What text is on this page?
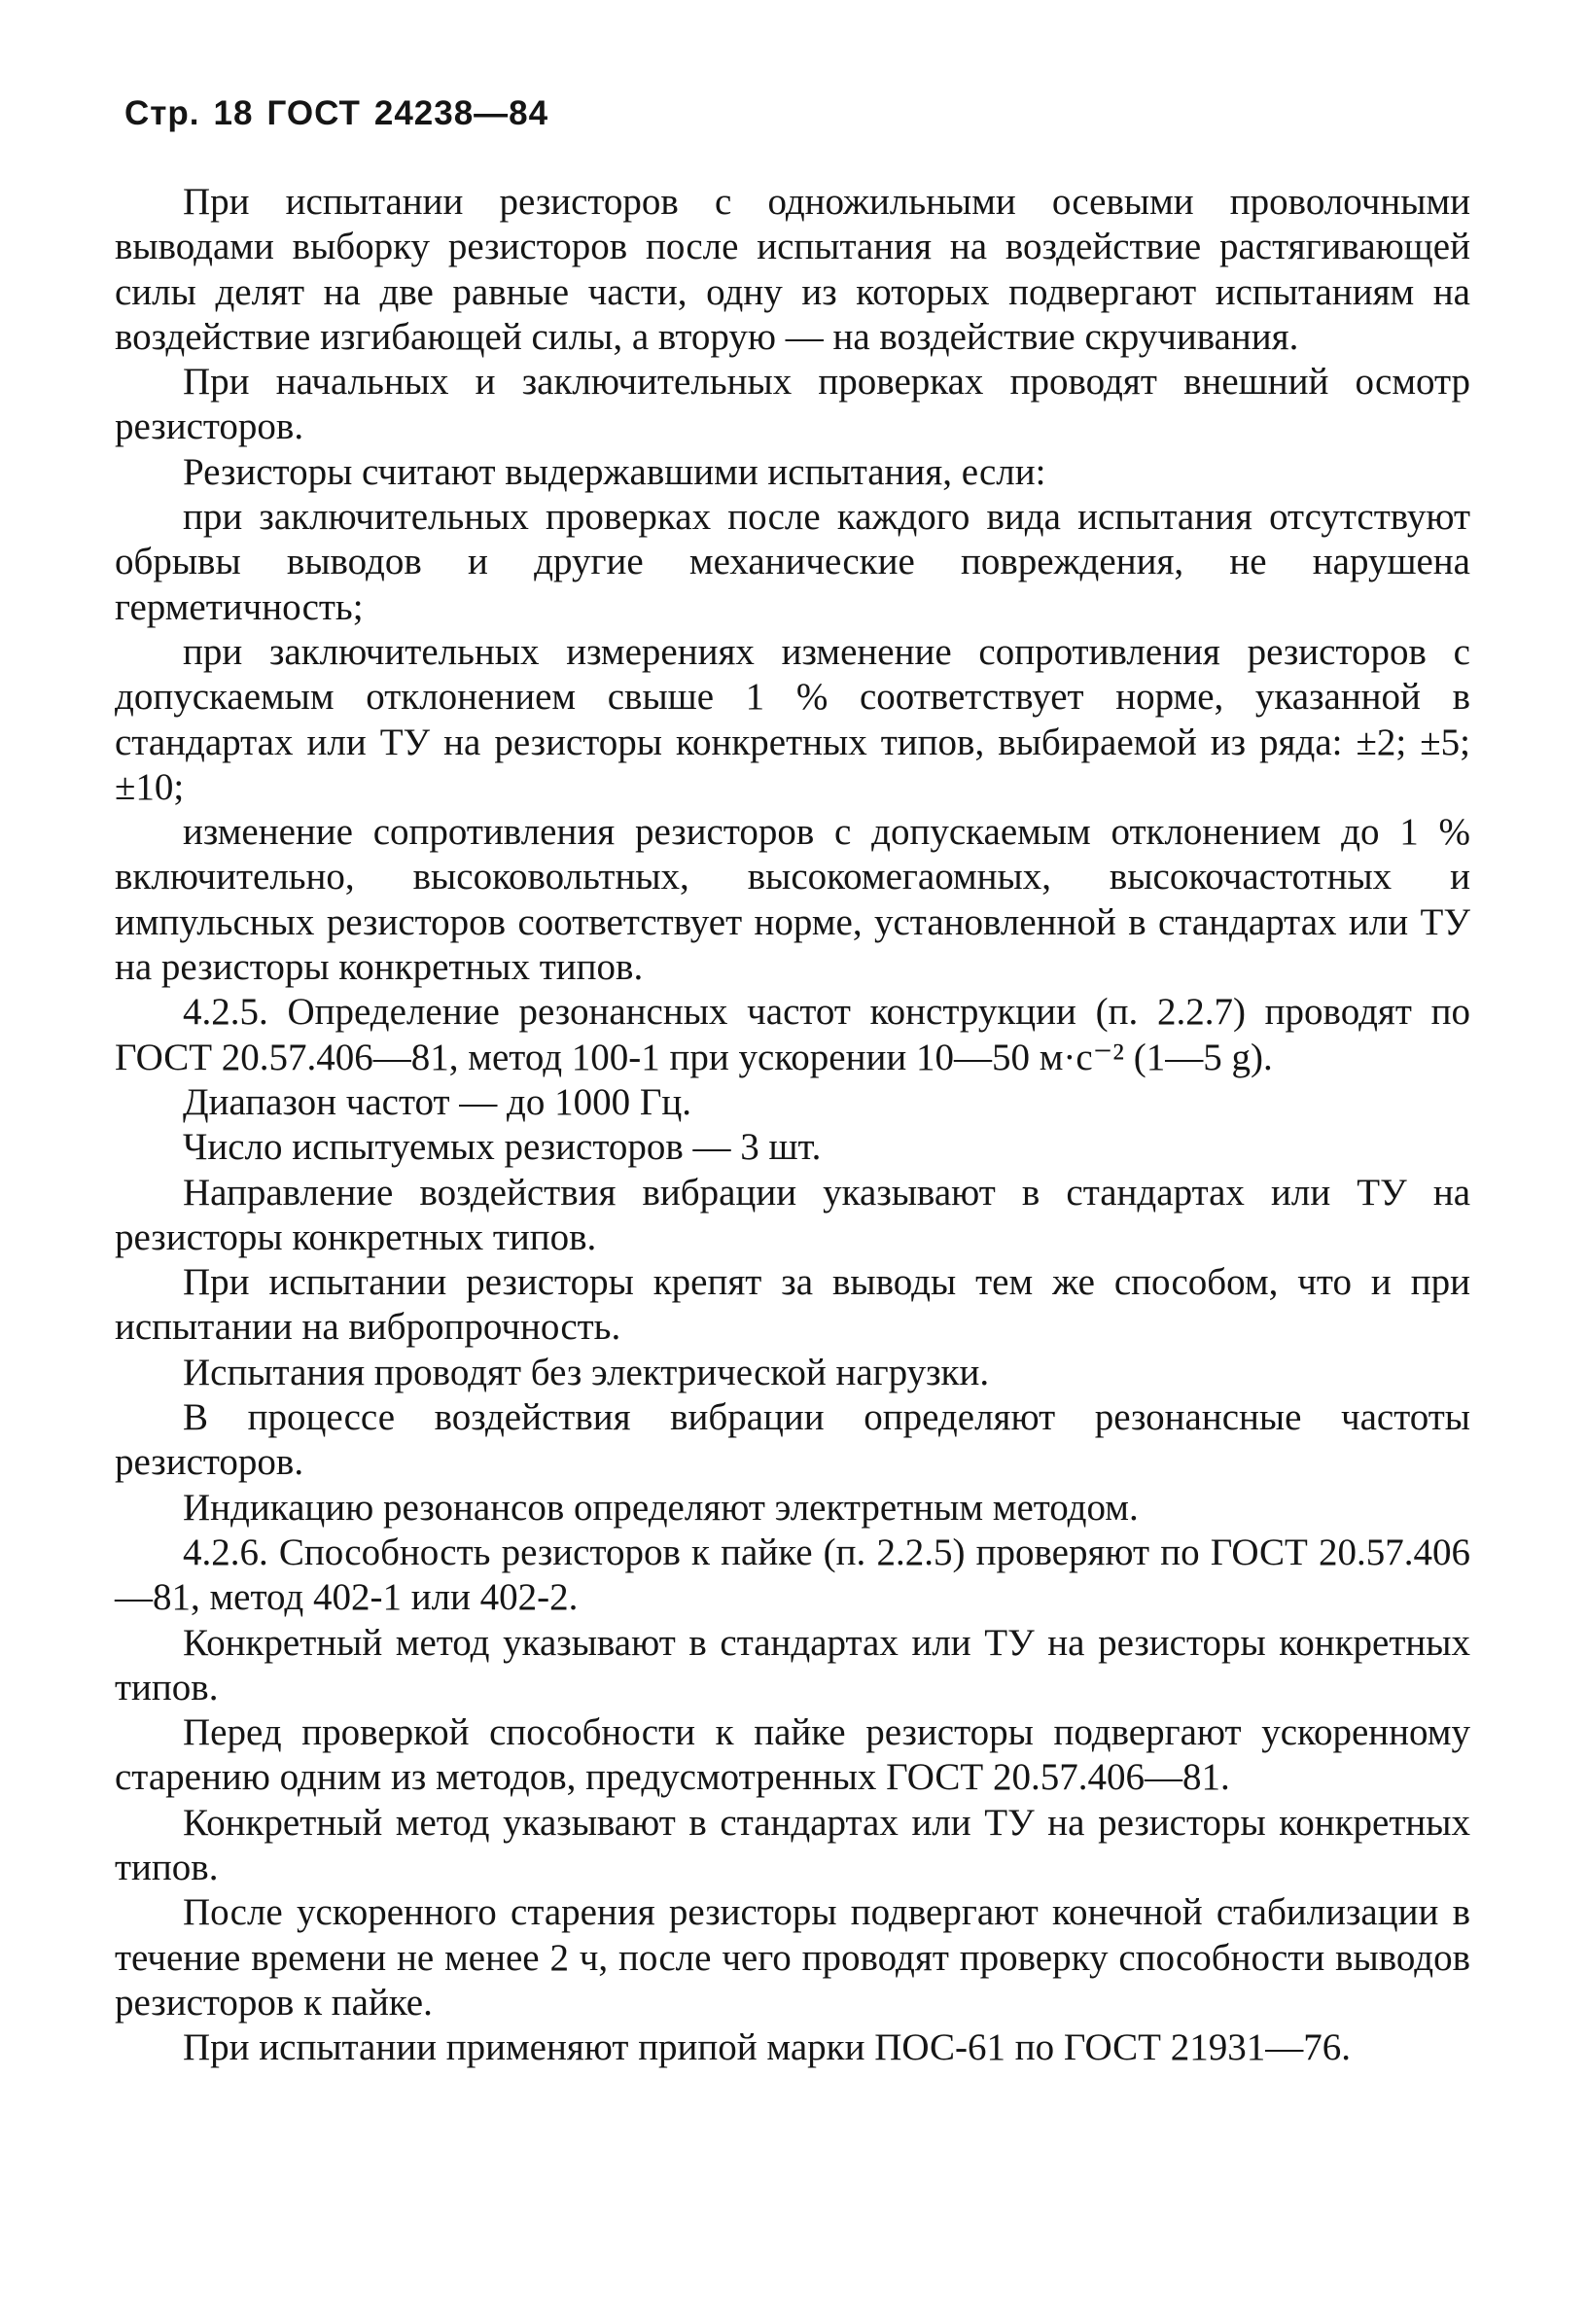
Стр. 18 ГОСТ 24238—84

При испытании резисторов с одножильными осевыми проволочными выводами выборку резисторов после испытания на воздействие растягивающей силы делят на две равные части, одну из которых подвергают испытаниям на воздействие изгибающей силы, а вторую — на воздействие скручивания.

При начальных и заключительных проверках проводят внешний осмотр резисторов.

Резисторы считают выдержавшими испытания, если:

при заключительных проверках после каждого вида испытания отсутствуют обрывы выводов и другие механические повреждения, не нарушена герметичность;

при заключительных измерениях изменение сопротивления резисторов с допускаемым отклонением свыше 1 % соответствует норме, указанной в стандартах или ТУ на резисторы конкретных типов, выбираемой из ряда: ±2; ±5; ±10;

изменение сопротивления резисторов с допускаемым отклонением до 1 % включительно, высоковольтных, высокомегаомных, высокочастотных и импульсных резисторов соответствует норме, установленной в стандартах или ТУ на резисторы конкретных типов.

4.2.5. Определение резонансных частот конструкции (п. 2.2.7) проводят по ГОСТ 20.57.406—81, метод 100-1 при ускорении 10—50 м·с⁻² (1—5 g).

Диапазон частот — до 1000 Гц.

Число испытуемых резисторов — 3 шт.

Направление воздействия вибрации указывают в стандартах или ТУ на резисторы конкретных типов.

При испытании резисторы крепят за выводы тем же способом, что и при испытании на вибропрочность.

Испытания проводят без электрической нагрузки.

В процессе воздействия вибрации определяют резонансные частоты резисторов.

Индикацию резонансов определяют электретным методом.

4.2.6. Способность резисторов к пайке (п. 2.2.5) проверяют по ГОСТ 20.57.406—81, метод 402-1 или 402-2.

Конкретный метод указывают в стандартах или ТУ на резисторы конкретных типов.

Перед проверкой способности к пайке резисторы подвергают ускоренному старению одним из методов, предусмотренных ГОСТ 20.57.406—81.

Конкретный метод указывают в стандартах или ТУ на резисторы конкретных типов.

После ускоренного старения резисторы подвергают конечной стабилизации в течение времени не менее 2 ч, после чего проводят проверку способности выводов резисторов к пайке.

При испытании применяют припой марки ПОС-61 по ГОСТ 21931—76.
